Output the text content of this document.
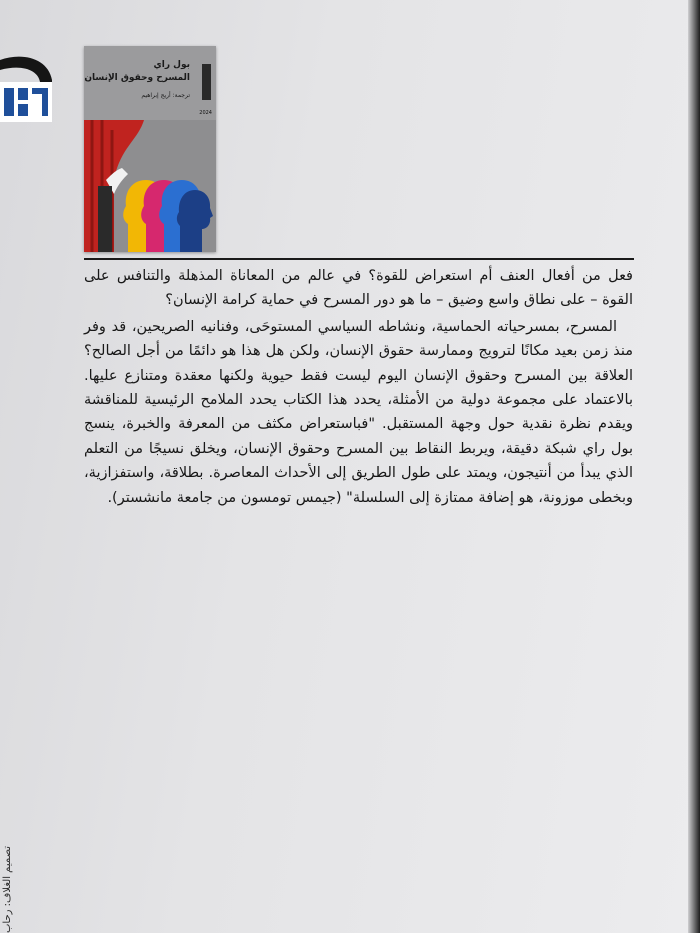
بول راي
المسرح وحقوق الإنسان
ترجمة: أريج إبراهيم
2024

فعل من أفعال العنف أم استعراض للقوة؟ في عالم من المعاناة المذهلة والتنافس على القوة – على نطاق واسع وضيق – ما هو دور المسرح في حماية كرامة الإنسان؟

المسرح، بمسرحياته الحماسية، ونشاطه السياسي المستوحَى، وفنانيه الصريحين، قد وفر منذ زمن بعيد مكانًا لترويج وممارسة حقوق الإنسان، ولكن هل هذا هو دائمًا من أجل الصالح؟ العلاقة بين المسرح وحقوق الإنسان اليوم ليست فقط حيوية ولكنها معقدة ومتنازع عليها. بالاعتماد على مجموعة دولية من الأمثلة، يحدد هذا الكتاب يحدد الملامح الرئيسية للمناقشة ويقدم نظرة نقدية حول وجهة المستقبل. "فباستعراض مكثف من المعرفة والخبرة، ينسج بول راي شبكة دقيقة، ويربط النقاط بين المسرح وحقوق الإنسان، ويخلق نسيجًا من التعلم الذي يبدأ من أنتيجون، ويمتد على طول الطريق إلى الأحداث المعاصرة. بطلاقة، واستفزازية، وبخطى موزونة، هو إضافة ممتازة إلى السلسلة" (جيمس تومسون من جامعة مانشستر).

تصميم الغلاف: رحاب
